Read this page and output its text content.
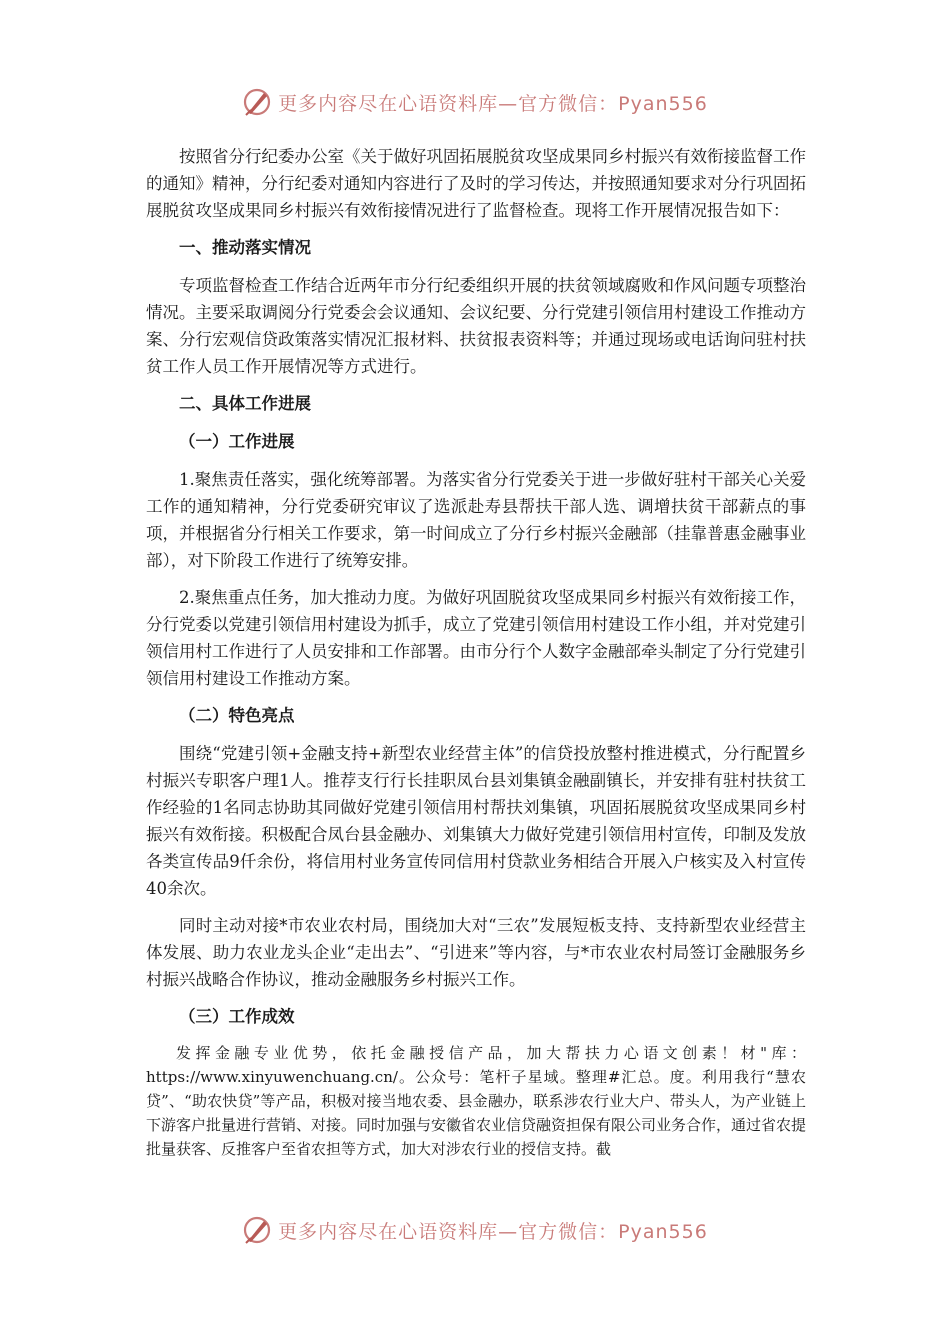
更多内容尽在心语资料库—官方微信：Pyan556

按照省分行纪委办公室《关于做好巩固拓展脱贫攻坚成果同乡村振兴有效衔接监督工作的通知》精神，分行纪委对通知内容进行了及时的学习传达，并按照通知要求对分行巩固拓展脱贫攻坚成果同乡村振兴有效衔接情况进行了监督检查。现将工作开展情况报告如下：

一、推动落实情况

专项监督检查工作结合近两年市分行纪委组织开展的扶贫领域腐败和作风问题专项整治情况。主要采取调阅分行党委会会议通知、会议纪要、分行党建引领信用村建设工作推动方案、分行宏观信贷政策落实情况汇报材料、扶贫报表资料等；并通过现场或电话询问驻村扶贫工作人员工作开展情况等方式进行。

二、具体工作进展
（一）工作进展

1.聚焦责任落实，强化统筹部署。为落实省分行党委关于进一步做好驻村干部关心关爱工作的通知精神，分行党委研究审议了选派赴寿县帮扶干部人选、调增扶贫干部薪点的事项，并根据省分行相关工作要求，第一时间成立了分行乡村振兴金融部（挂靠普惠金融事业部），对下阶段工作进行了统筹安排。

2.聚焦重点任务，加大推动力度。为做好巩固脱贫攻坚成果同乡村振兴有效衔接工作，分行党委以党建引领信用村建设为抓手，成立了党建引领信用村建设工作小组，并对党建引领信用村工作进行了人员安排和工作部署。由市分行个人数字金融部牵头制定了分行党建引领信用村建设工作推动方案。

（二）特色亮点

围绕“党建引领+金融支持+新型农业经营主体”的信贷投放整村推进模式，分行配置乡村振兴专职客户理1人。推荐支行行长挂职凤台县刘集镇金融副镇长，并安排有驻村扶贫工作经验的1名同志协助其同做好党建引领信用村帮扶刘集镇，巩固拓展脱贫攻坚成果同乡村振兴有效衔接。积极配合凤台县金融办、刘集镇大力做好党建引领信用村宣传，印制及发放各类宣传品9仟余份，将信用村业务宣传同信用村贷款业务相结合开展入户核实及入村宣传40余次。

同时主动对接*市农业农村局，围绕加大对“三农”发展短板支持、支持新型农业经营主体发展、助力农业龙头企业“走出去”、“引进来”等内容，与*市农业农村局签订金融服务乡村振兴战略合作协议，推动金融服务乡村振兴工作。

（三）工作成效

发挥金融专业优势，依托金融授信产品，加大帮扶力心语文创素！材"库：https://www.xinyuwenchuang.cn/。公众号：笔杆子星域。整理#汇总。度。利用我行“慧农贷”、“助农快贷”等产品，积极对接当地农委、县金融办，联系涉农行业大户、带头人，为产业链上下游客户批量进行营销、对接。同时加强与安徽省农业信贷融资担保有限公司业务合作，通过省农提批量获客、反推客户至省农担等方式，加大对涉农行业的授信支持。截

更多内容尽在心语资料库—官方微信：Pyan556
